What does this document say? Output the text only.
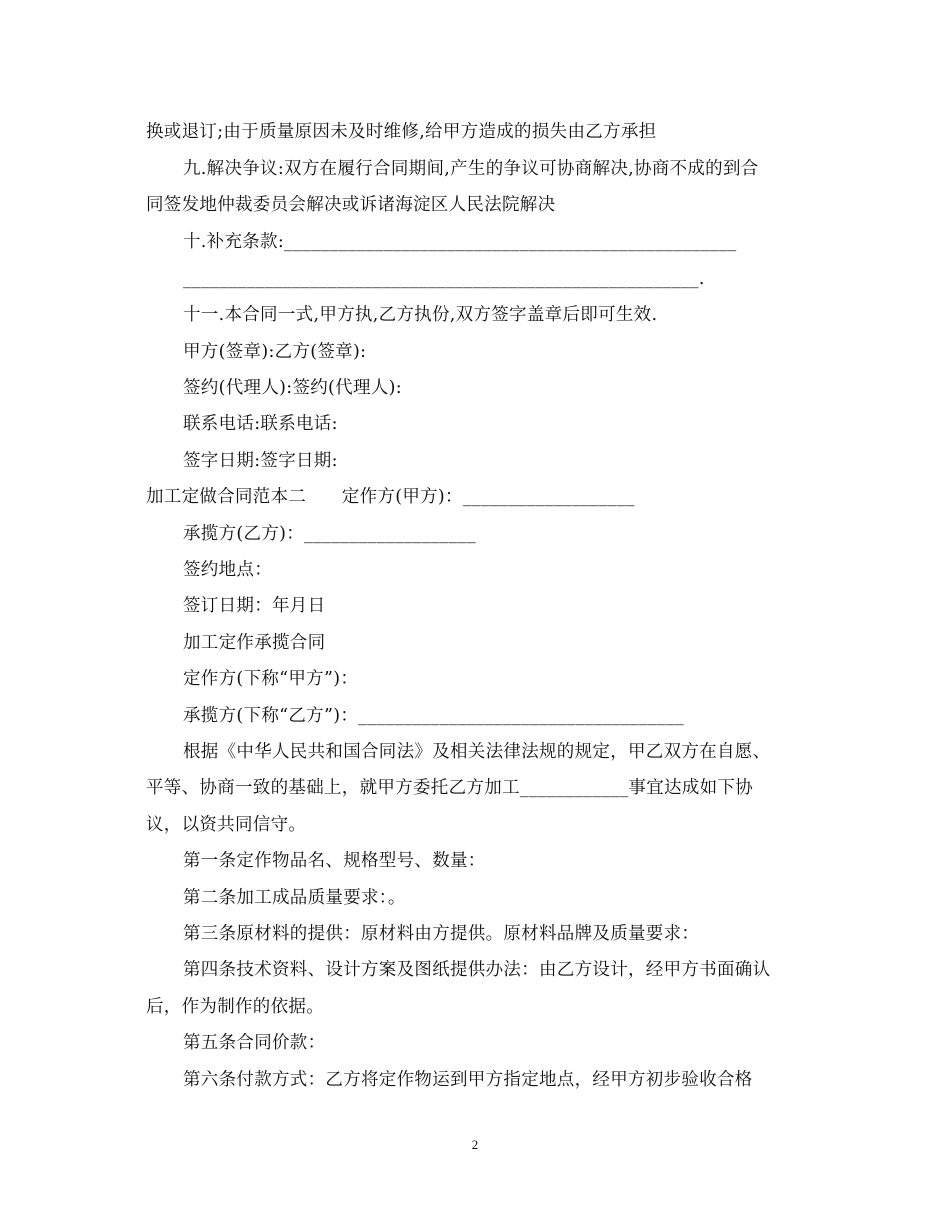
换或退订;由于质量原因未及时维修,给甲方造成的损失由乙方承担
九.解决争议:双方在履行合同期间,产生的争议可协商解决,协商不成的到合
同签发地仲裁委员会解决或诉诸海淀区人民法院解决
十.补充条款:__________________________________________________
_________________________________________________________.
十一.本合同一式,甲方执,乙方执份,双方签字盖章后即可生效.
甲方(签章):乙方(签章):
签约(代理人):签约(代理人):
联系电话:联系电话:
签字日期:签字日期:
加工定做合同范本二　　定作方(甲方)：___________________
承揽方(乙方)：___________________
签约地点：
签订日期：年月日
加工定作承揽合同
定作方(下称“甲方”)：
承揽方(下称“乙方”)：____________________________________
根据《中华人民共和国合同法》及相关法律法规的规定，甲乙双方在自愿、
平等、协商一致的基础上，就甲方委托乙方加工____________事宜达成如下协
议，以资共同信守。
第一条定作物品名、规格型号、数量：
第二条加工成品质量要求：。
第三条原材料的提供：原材料由方提供。原材料品牌及质量要求：
第四条技术资料、设计方案及图纸提供办法：由乙方设计，经甲方书面确认
后，作为制作的依据。
第五条合同价款：
第六条付款方式：乙方将定作物运到甲方指定地点，经甲方初步验收合格
2
